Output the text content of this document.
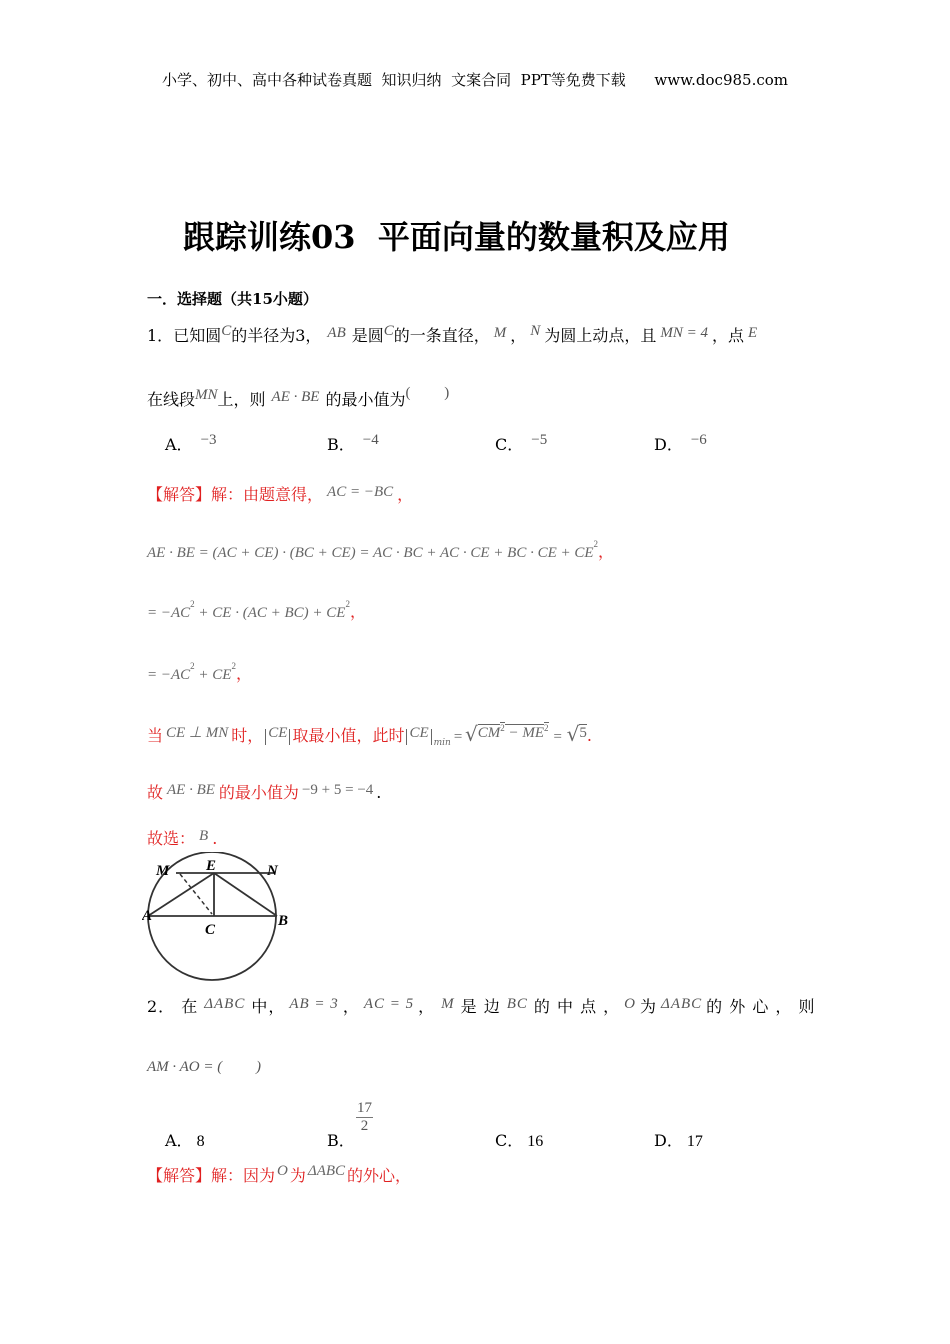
小学、初中、高中各种试卷真题  知识归纳  文案合同  PPT等免费下载      www.doc985.com
跟踪训练03  平面向量的数量积及应用
一．选择题（共15小题）
1．已知圆C的半径为3， AB 是圆C的一条直径， M ， N 为圆上动点，且 MN = 4 ，点 E
在线段MN上，则 AE · BE 的最小值为(         )
A． −3	B． −4	C． −5	D． −6
【解答】解：由题意得， AC = −BC ，
AE · BE = (AC + CE) · (BC + CE) = AC · BC + AC · CE + BC · CE + $CE^2$，
= $-AC^2$ + CE · $(AC + BC) + CE^2$，
= $-AC^2 + CE^2$，
当 CE ⊥ MN 时， CE 取最小值，此时 $CE_{min} = √CM^2 - ME^2= √5$.
故 AE · BE 的最小值为 −9 + 5 = −4 .
故选： B .
M E	N
A
C
B
2． 在 ΔABC 中， AB = 3 ， AC = 5 ， M 是 边 BC 的 中 点 ， O 为 ΔABC 的 外 心 ， 则
AM · AO = (         )
A． 8	B．
$\frac{17}{2}$
C． 16	D． 17
【解答】解：因为 O 为 ΔABC 的外心，
